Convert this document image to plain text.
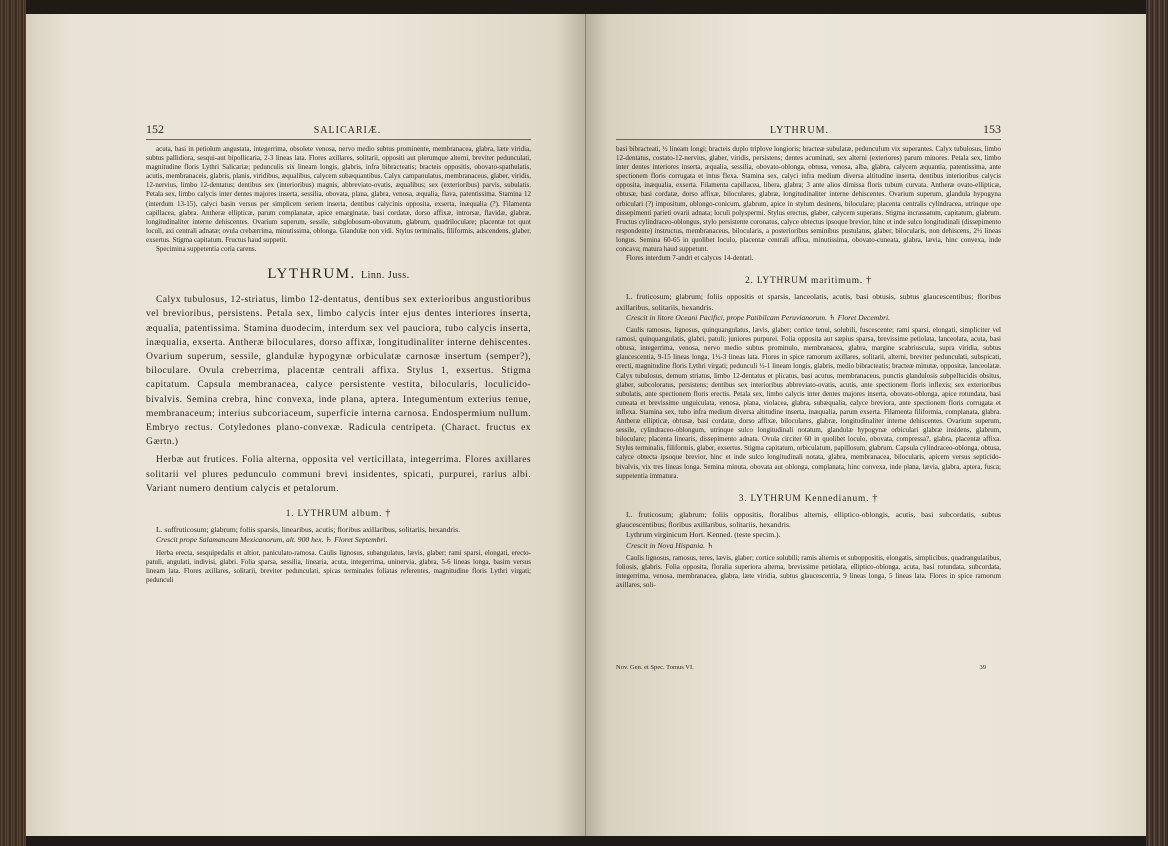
152	SALICARIÆ.

acuta, basi in petiolum angustata, integerrima, obsolete venosa, nervo medio subtus prominente, membranacea, glabra, læte viridia, subtus pallidiora, sesqui-aut bipollicaria, 2-3 lineas lata. Flores axillares, solitarii, oppositi aut plerumque alterni, breviter pedunculati, magnitudine floris Lythri Salicariæ; pedunculis six lineam longis, glabris, infra bibracteatis; bracteis oppositis, obovato-spathulatis, acutis, membranaceis, glabris, planis, viridibus, æqualibus, calycem subæquantibus. Calyx campanulatus, membranaceus, glaber, viridis, 12-nervius, limbo 12-dentatus; dentibus sex (interioribus) magnis, abbreviato-ovatis, æqualibus; sex (exterioribus) parvis, subulatis. Petala sex, limbo calycis inter dentes majores inserta, sessilia, obovata, plana, glabra, venosa, æqualia, flava, patentissima. Stamina 12 (interdum 13-15), calyci basin versus per simplicem seriem inserta, dentibus calycinis opposita, exserta, inæqualia (?). Filamenta capillacea, glabra. Antheræ ellipticæ, parum complanatæ, apice emarginatæ, basi cordatæ, dorso affixæ, introrsæ, flavidæ, glabræ, longitudinaliter interne dehiscentes. Ovarium superum, sessile, subglobosum-obovatum, glabrum, quadriloculare; placentæ tot quot loculi, axi centrali adnatæ; ovula crebærrima, minutissima, oblonga. Glandulæ non vidi. Stylus terminalis, filiformis, adscendens, glaber, exsertus. Stigma capitatum. Fructus haud suppetit.

Specimina suppetentia coria carens.

LYTHRUM. Linn. Juss.

Calyx tubulosus, 12-striatus, limbo 12-dentatus, dentibus sex exterioribus angustioribus vel brevioribus, persistens. Petala sex, limbo calycis inter ejus dentes interiores inserta, æqualia, patentissima. Stamina duodecim, interdum sex vel pauciora, tubo calycis inserta, inæqualia, exserta. Antheræ biloculares, dorso affixæ, longitudinaliter interne dehiscentes. Ovarium superum, sessile, glandulæ hypogynæ orbiculatæ carnosæ insertum (semper?), biloculare. Ovula creberrima, placentæ centrali affixa. Stylus 1, exsertus. Stigma capitatum. Capsula membranacea, calyce persistente vestita, bilocularis, loculicido-bivalvis. Semina crebra, hinc convexa, inde plana, aptera. Integumentum exterius tenue, membranaceum; interius subcoriaceum, superficie interna carnosa. Endospermium nullum. Embryo rectus. Cotyledones plano-convexæ. Radicula centripeta. (Charact. fructus ex Gærtn.)

Herbæ aut frutices. Folia alterna, opposita vel verticillata, integerrima. Flores axillares solitarii vel plures pedunculo communi brevi insidentes, spicati, purpurei, rarius albi. Variant numero dentium calycis et petalorum.

1. LYTHRUM album. †

L. suffruticosum; glabrum; foliis sparsis, linearibus, acutis; floribus axillaribus, solitariis, hexandris.

Crescit prope Salamancam Mexicanorum, alt. 900 hex. ♄ Floret Septembri.

Herba erecta, sesquipedalis et altior, paniculato-ramosa. Caulis lignosus, subangulatus, lævis, glaber; rami sparsi, elongati, erecto-patuli, angulati, indivisi, glabri. Folia sparsa, sessilia, linearia, acuta, integerrima, uninervia, glabra, 5-6 lineas longa, basim versus lineam lata. Flores axillares, solitarii, breviter pedunculati, spicas terminales foliatas referentes, magnitudine floris Lythri virgati; pedunculi

LYTHRUM.	153

basi bibracteati, ½ lineam longi; bracteis duplo triplove longioris; bracteæ subulatæ, pedunculum vix superantes. Calyx tubulosus, limbo 12-dentatus, costato-12-nervius, glaber, viridis, persistens; dentes acuminati, sex alterni (exteriores) parum minores. Petala sex, limbo inter dentes interiores inserta, æqualia, sessilia, obovato-oblonga, obtusa, venosa, alba, glabra, calycem æquantia, patentissima, ante spectionem floris corrugata et intus flexa. Stamina sex, calyci infra medium diversa altitudine inserta, dentibus interioribus calycis opposita, inæqualia, exserta. Filamenta capillacea, libera, glabra; 3 ante alios dimissa floris tubum curvata. Antheræ ovato-ellipticæ, obtusæ, basi cordatæ, dorso affixæ, biloculares, glabræ, longitudinaliter interne dehiscentes. Ovarium superum, glandula hypogyna orbiculari (?) impositum, oblongo-conicum, glabrum, apice in stylum desinens, biloculare; placenta centralis cylindracea, utrinque ope dissepimenti parieti ovarii adnata; loculi polyspermi. Stylus erectus, glaber, calycem superans. Stigma incrassatum, capitatum, glabrum. Fructus cylindraceo-oblongus, stylo persistente coronatus, calyce obtectus ipsoque brevior, hinc et inde sulco longitudinali (dissepimento respondente) instructus, membranaceus, bilocularis, a posterioribus seminibus pustulatus, glaber, bilocularis, non dehiscens, 2½ lineas longus. Semina 60-65 in quolibet loculo, placentæ centrali affixa, minutissima, obovato-cuneata, glabra, lævia, hinc convexa, inde concava; matura haud suppetunt.

Flores interdum 7-andri et calyces 14-dentati.

2. LYTHRUM maritimum. †

L. fruticosum; glabrum; foliis oppositis et sparsis, lanceolatis, acutis, basi obtusis, subtus glaucescentibus; floribus axillaribus, solitariis, hexandris.

Crescit in litore Oceani Pacifici, prope Patibilcam Peruvianorum. ♄ Floret Decembri.

Caulis ramosus, lignosus, quinquangulatus, lævis, glaber; cortice tenui, solubili, fuscescente; rami sparsi, elongati, simpliciter vel ramosi, quinquangulatis, glabri, patuli; juniores purpurei. Folia opposita aut sæpius sparsa, brevissime petiolata, lanceolata, acuta, basi obtusa, integerrima, venosa, nervo medio subtus prominulo, membranacea, glabra, margine scabriuscula, supra viridia, subtus glaucescentia, 9-15 lineas longa, 1½-3 lineas lata. Flores in spice ramorum axillares, solitarii, alterni, breviter pedunculati, subspicati, erecti, magnitudine floris Lythri virgati; pedunculi ½-1 lineam longis, glabris, medio bibracteatis; bracteæ minutæ, oppositæ, lanceolatæ. Calyx tubulosus, demum striatus, limbo 12-dentatus et plicatus, basi acutus, membranaceus, punctis glandulosis subpellucidis obsitus, glaber, subcoloratus, persistens; dentibus sex interioribus abbreviato-ovatis, acutis, ante spectionem floris inflexis; sex exterioribus subulatis, ante spectionem floris erectis. Petala sex, limbo calycis inter dentes majores inserta, obovato-oblonga, apice rotundata, basi cuneata et brevissime unguiculata, venosa, plana, violacea, glabra, subæqualia, calyce breviora, ante spectionem floris corrugata et inflexa. Stamina sex, tubo infra medium diversa altitudine inserta, inæqualia, parum exserta. Filamenta filiformia, complanata, glabra. Antheræ ellipticæ, obtusæ, basi cordatæ, dorso affixæ, biloculares, glabræ, longitudinaliter interne dehiscentes. Ovarium superum, sessile, cylindraceo-oblongum, utrinque sulco longitudinali notatum, glandulæ hypogynæ orbiculari glabræ insidens, glabrum, biloculare; placenta linearis, dissepimento adnata. Ovula circiter 60 in quolibet loculo, obovata, compressa?, glabra, placentæ affixa. Stylus terminalis, filiformis, glaber, exsertus. Stigma capitatum, orbiculatum, papillosum, glabrum. Capsula cylindraceo-oblonga, obtusa, calyce obtecta ipsoque brevior, hinc et inde sulco longitudinali notata, glabra, membranacea, bilocularis, apicem versus septicido-bivalvis, vix tres lineas longa. Semina minuta, obovata aut oblonga, complanata, hinc convexa, inde plana, lævia, glabra, aptera, fusca; suppetentia immatura.

3. LYTHRUM Kennedianum. †

L. fruticosum; glabrum; foliis oppositis, floralibus alternis, elliptico-oblongis, acutis, basi subcordatis, subtus glaucescentibus; floribus axillaribus, solitariis, hexandris.

Lythrum virginicum Hort. Kenned. (teste specim.).

Crescit in Nova Hispania. ♄

Caulis lignosus, ramosus, teres, lævis, glaber; cortice solubili; ramis alternis et suboppositis, elongatis, simplicibus, quadrangulatibus, foliosis, glabris. Folia opposita, floralia superiora alterna, brevissime petiolata, elliptico-oblonga, acuta, basi rotundata, subcordata, integerrima, venosa, membranacea, glabra, læte viridia, subtus glaucescentia, 9 lineas longa, 5 lineas lata. Flores in spice ramorum axillares, soli-

Nov. Gen. et Spec. Tomus VI.	39
